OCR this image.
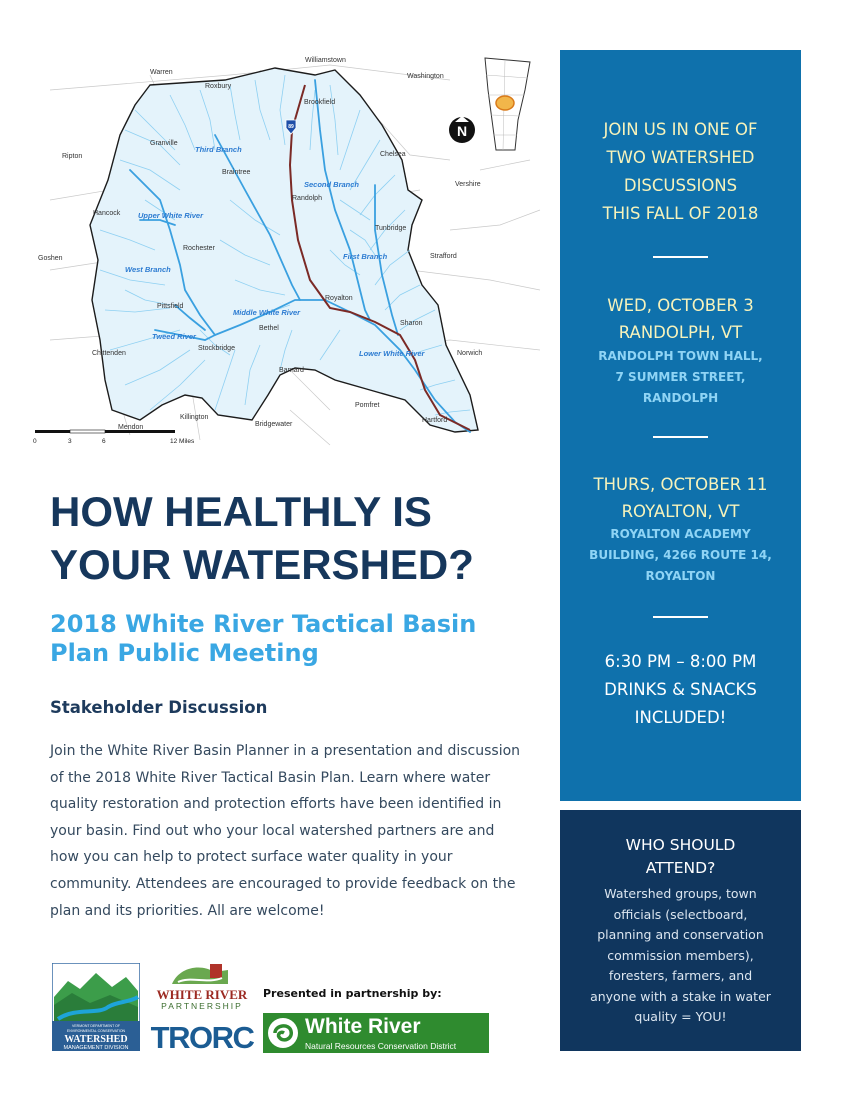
89	N
0	3	6	12 Miles
Warren
Roxbury
Williamstown
Washington
Brookfield
Ripton
Granville
Braintree
Chelsea
Vershire
Hancock
Randolph
Tunbridge
Strafford
Rochester
Goshen
Bethel
Royalton
Sharon
Pittsfield
Stockbridge
Chittenden	Norwich
Barnard
Pomfret
Killington	Hartford
Mendon	Bridgewater
Third Branch
Second Branch
Upper White River
First Branch
West Branch
Middle White River
Tweed River
Lower White River
HOW HEALTHLY IS
YOUR WATERSHED?
2018 White River Tactical Basin
Plan Public Meeting
Stakeholder Discussion
Join the White River Basin Planner in a presentation and discussion
of the 2018 White River Tactical Basin Plan. Learn where water
quality restoration and protection efforts have been identified in
your basin. Find out who your local watershed partners are and
how you can help to protect surface water quality in your
community. Attendees are encouraged to provide feedback on the
plan and its priorities. All are welcome!
VERMONT DEPARTMENT OF
ENVIRONMENTAL CONSERVATION
WATERSHED
MANAGEMENT DIVISION
WHITE RIVER
PARTNERSHIP
TRORC
Presented in partnership by:
White River
Natural Resources Conservation District
JOIN US IN ONE OF
TWO WATERSHED
DISCUSSIONS
THIS FALL OF 2018
WED, OCTOBER 3
RANDOLPH, VT
RANDOLPH TOWN HALL,
7 SUMMER STREET,
RANDOLPH
THURS, OCTOBER 11
ROYALTON, VT
ROYALTON ACADEMY
BUILDING, 4266 ROUTE 14,
ROYALTON
6:30 PM – 8:00 PM
DRINKS & SNACKS
INCLUDED!
WHO SHOULD
ATTEND?
Watershed groups, town
officials (selectboard,
planning and conservation
commission members),
foresters, farmers, and
anyone with a stake in water
quality = YOU!
